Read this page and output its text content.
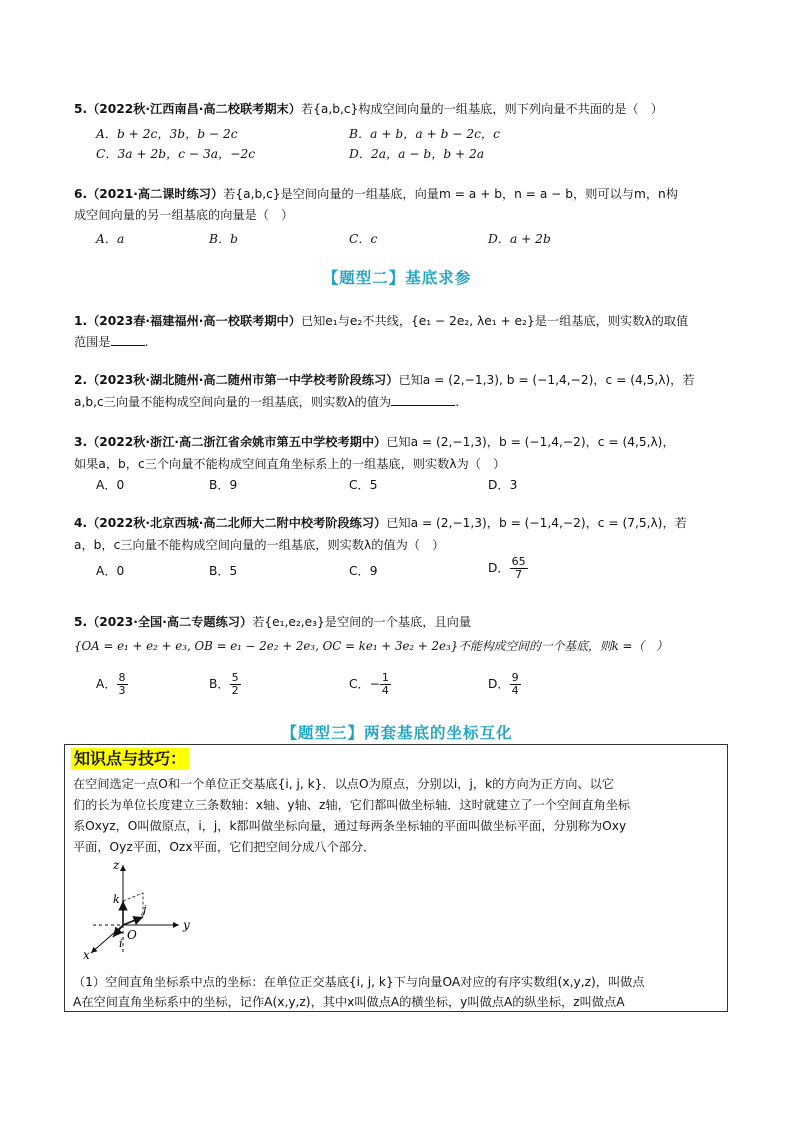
5.（2022秋·江西南昌·高二校联考期末）若{a,b,c}构成空间向量的一组基底，则下列向量不共面的是（　）
A．b + 2c，3b，b − 2c	B．a + b，a + b − 2c，c
C．3a + 2b，c − 3a，−2c	D．2a，a − b，b + 2a
6.（2021·高二课时练习）若{a,b,c}是空间向量的一组基底，向量m = a + b，n = a − b，则可以与m，n构
成空间向量的另一组基底的向量是（　）
A．a	B．b	C．c	D．a + 2b
【题型二】基底求参
1.（2023春·福建福州·高一校联考期中）已知e₁与e₂不共线，{e₁ − 2e₂, λe₁ + e₂}是一组基底，则实数λ的取值
范围是	.
2.（2023秋·湖北随州·高二随州市第一中学校考阶段练习）已知a = (2,−1,3), b = (−1,4,−2)，c = (4,5,λ)，若
a,b,c三向量不能构成空间向量的一组基底，则实数λ的值为	.
3.（2022秋·浙江·高二浙江省余姚市第五中学校考期中）已知a = (2,−1,3)，b = (−1,4,−2)，c = (4,5,λ)，
如果a，b，c三个向量不能构成空间直角坐标系上的一组基底，则实数λ为（　）
A．0	B．9	C．5	D．3
4.（2022秋·北京西城·高二北师大二附中校考阶段练习）已知a = (2,−1,3)，b = (−1,4,−2)，c = (7,5,λ)，若
a，b，c三向量不能构成空间向量的一组基底，则实数λ的值为（　）
A．0	B．5	C．9	D． $\frac{65}{7}$
5.（2023·全国·高二专题练习）若{e₁,e₂,e₃}是空间的一个基底，且向量
{OA = e₁ + e₂ + e₃, OB = e₁ − 2e₂ + 2e₃, OC = ke₁ + 3e₂ + 2e₃}不能构成空间的一个基底，则k =（　）
A． $\frac{8}{3}$	B． $\frac{5}{2}$	C．− $\frac{1}{4}$	D． $\frac{9}{4}$
【题型三】两套基底的坐标互化
知识点与技巧：
在空间选定一点O和一个单位正交基底{i, j, k}．以点O为原点，分别以i，j，k的方向为正方向、以它
们的长为单位长度建立三条数轴：x轴、y轴、z轴，它们都叫做坐标轴．这时就建立了一个空间直角坐标
系Oxyz，O叫做原点，i，j，k都叫做坐标向量，通过每两条坐标轴的平面叫做坐标平面，分别称为Oxy
平面，Oyz平面，Ozx平面，它们把空间分成八个部分．
z
y
x
O
k
j
i
（1）空间直角坐标系中点的坐标：在单位正交基底{i, j, k}下与向量OA对应的有序实数组(x,y,z)，叫做点
A在空间直角坐标系中的坐标，记作A(x,y,z)，其中x叫做点A的横坐标，y叫做点A的纵坐标，z叫做点A
